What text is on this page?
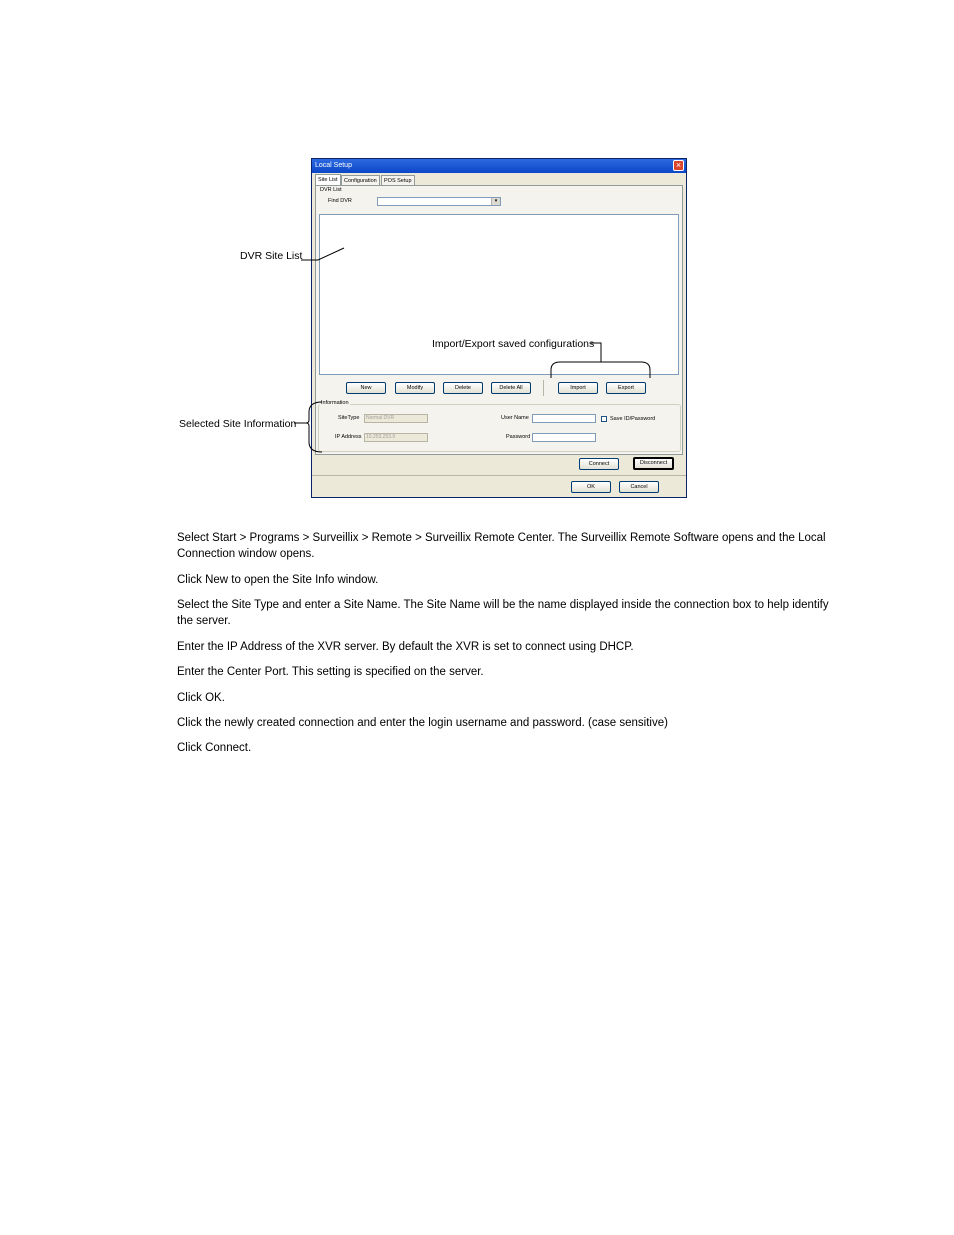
Local Setup	×
Site List	Configuration	POS Setup
DVR List
Find DVR	▾
New	Modify	Delete	Delete All	Import	Export
Information
SiteType	Normal DVR
IP Address 10.253.253.9
User Name
Password
Save ID/Password
Connect	Disconnect
OK	Cancel
DVR Site List
Import/Export saved configurations
Selected Site Information

Select Start > Programs > Surveillix > Remote > Surveillix Remote Center. The Surveillix Remote Software opens and the Local Connection window opens.

Click New to open the Site Info window.

Select the Site Type and enter a Site Name. The Site Name will be the name displayed inside the connection box to help identify the server.

Enter the IP Address of the XVR server. By default the XVR is set to connect using DHCP.

Enter the Center Port. This setting is specified on the server.

Click OK.

Click the newly created connection and enter the login username and password. (case sensitive)

Click Connect.
